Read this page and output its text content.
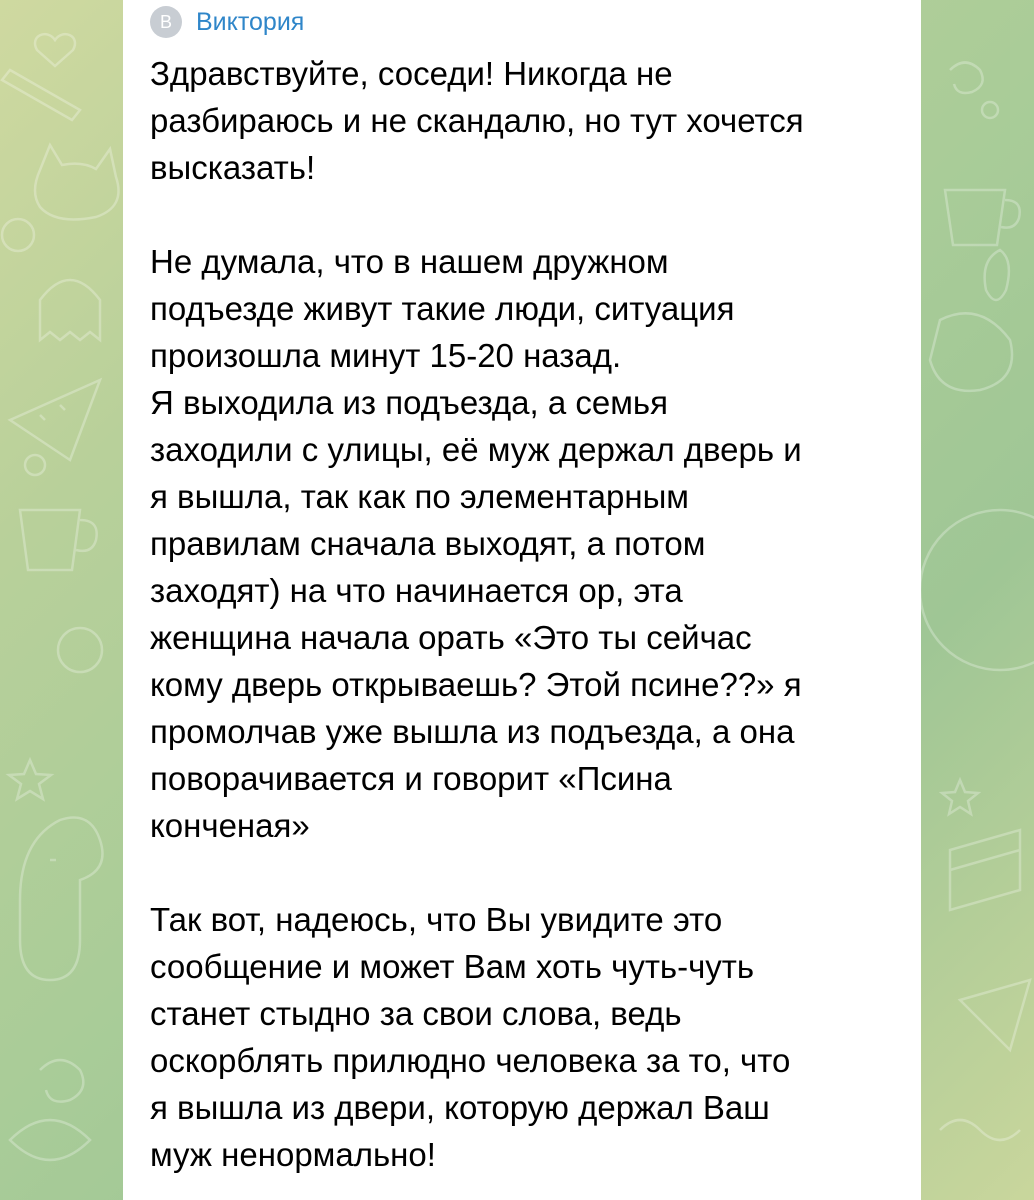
В Виктория
Здравствуйте, соседи! Никогда не
разбираюсь и не скандалю, но тут хочется
высказать!
Не думала, что в нашем дружном
подъезде живут такие люди, ситуация
произошла минут 15-20 назад.
Я выходила из подъезда, а семья
заходили с улицы, её муж держал дверь и
я вышла, так как по элементарным
правилам сначала выходят, а потом
заходят) на что начинается ор, эта
женщина начала орать «Это ты сейчас
кому дверь открываешь? Этой псине??» я
промолчав уже вышла из подъезда, а она
поворачивается и говорит «Псина
конченая»
Так вот, надеюсь, что Вы увидите это
сообщение и может Вам хоть чуть-чуть
станет стыдно за свои слова, ведь
оскорблять прилюдно человека за то, что
я вышла из двери, которую держал Ваш
муж ненормально!
